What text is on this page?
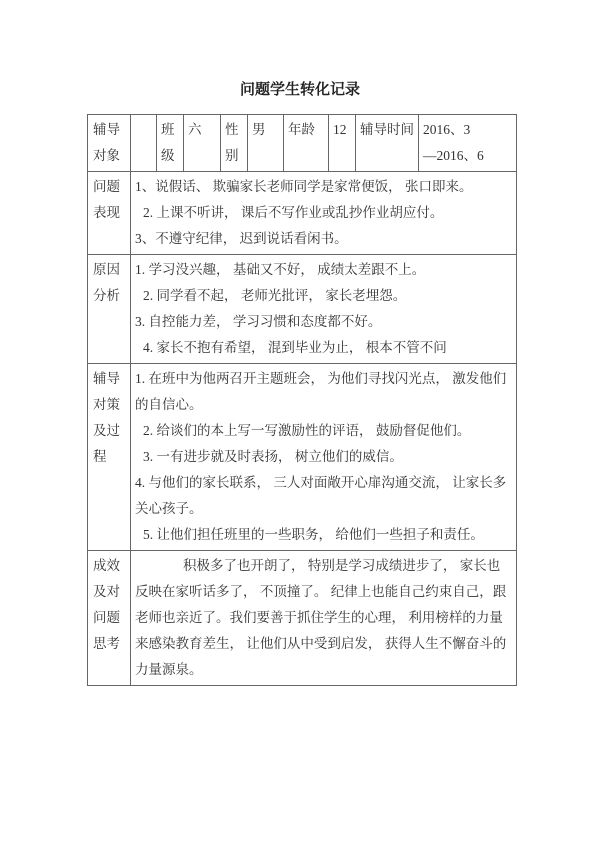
问题学生转化记录
辅导对象		班级	六	性别	男	年龄	12	辅导时间	2016、3

—2016、6

问题表现	1、说假话、 欺骗家长老师同学是家常便饭， 张口即来。

2. 上课不听讲， 课后不写作业或乱抄作业胡应付。

3、不遵守纪律， 迟到说话看闲书。								

原因分析	1. 学习没兴趣， 基础又不好， 成绩太差跟不上。

2. 同学看不起， 老师光批评， 家长老埋怨。

3. 自控能力差， 学习习惯和态度都不好。

4. 家长不抱有希望， 混到毕业为止， 根本不管不问								

辅导对策及过程	1. 在班中为他两召开主题班会， 为他们寻找闪光点， 激发他们的自信心。

2. 给谈们的本上写一写激励性的评语， 鼓励督促他们。

3. 一有进步就及时表扬， 树立他们的威信。

4. 与他们的家长联系， 三人对面敞开心扉沟通交流， 让家长多关心孩子。

5. 让他们担任班里的一些职务， 给他们一些担子和责任。								

成效及对问题思考	积极多了也开朗了， 特别是学习成绩进步了， 家长也反映在家听话多了， 不顶撞了。 纪律上也能自己约束自己，跟老师也亲近了。我们要善于抓住学生的心理， 利用榜样的力量来感染教育差生， 让他们从中受到启发， 获得人生不懈奋斗的力量源泉。								
